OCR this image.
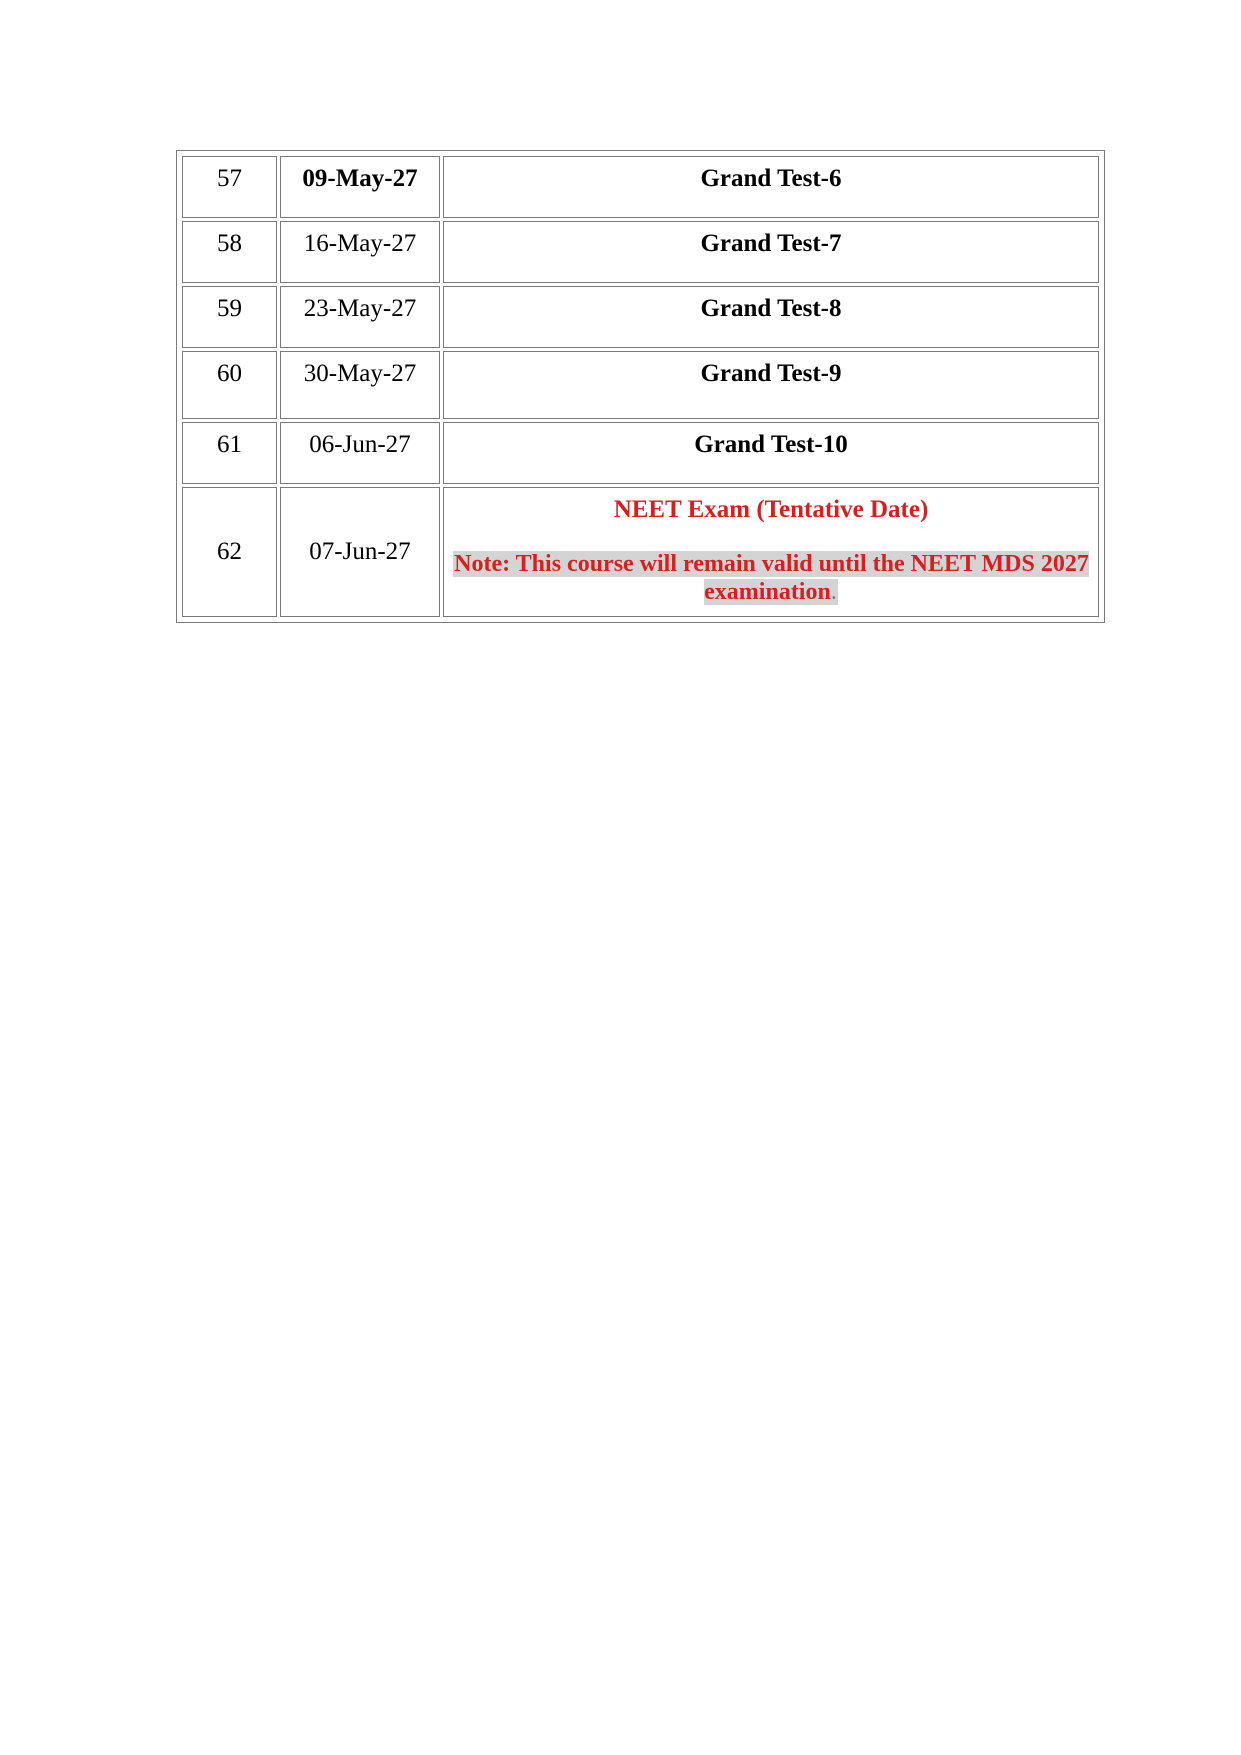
57	09-May-27	Grand Test-6
58	16-May-27	Grand Test-7
59	23-May-27	Grand Test-8
60	30-May-27	Grand Test-9
61	06-Jun-27	Grand Test-10
62	07-Jun-27	NEET Exam (Tentative Date)
Note: This course will remain valid until the NEET MDS 2027 examination.
